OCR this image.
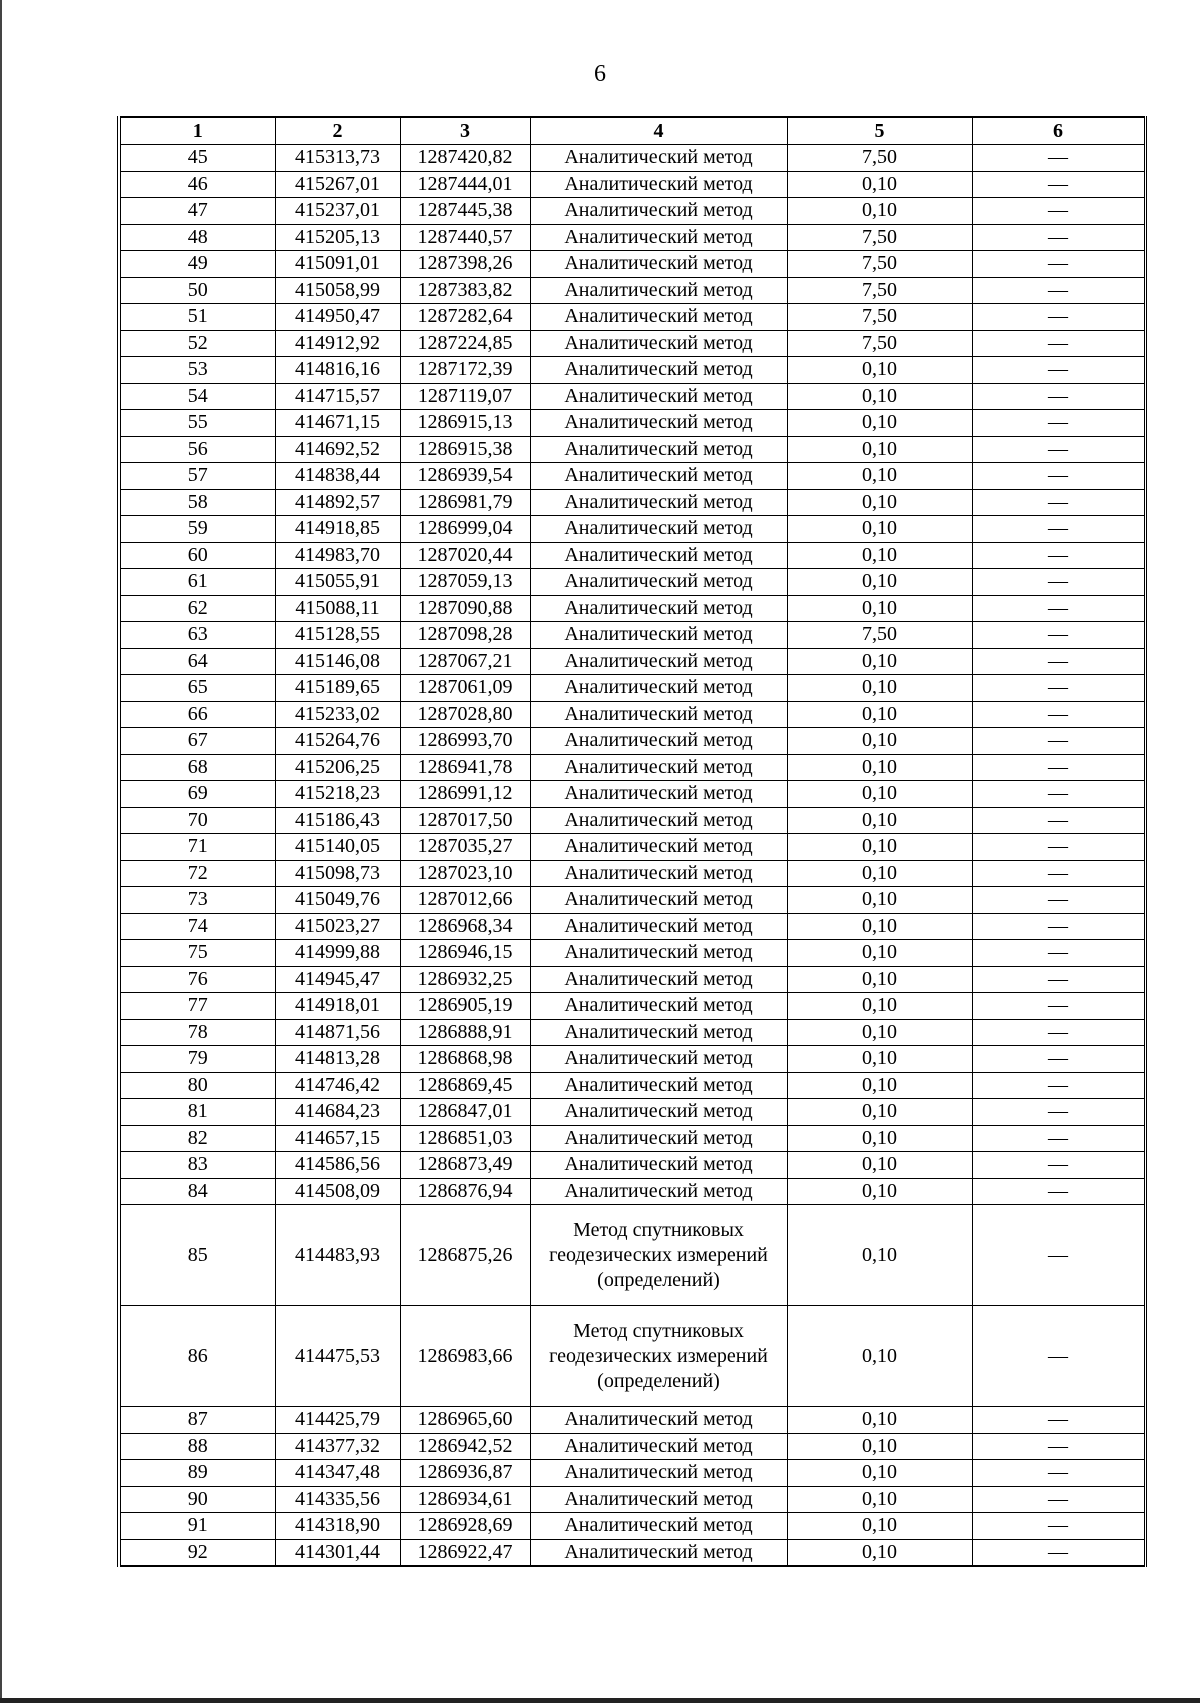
6
1	2	3	4	5	6
45	415313,73	1287420,82	Аналитический метод	7,50	—
46	415267,01	1287444,01	Аналитический метод	0,10	—
47	415237,01	1287445,38	Аналитический метод	0,10	—
48	415205,13	1287440,57	Аналитический метод	7,50	—
49	415091,01	1287398,26	Аналитический метод	7,50	—
50	415058,99	1287383,82	Аналитический метод	7,50	—
51	414950,47	1287282,64	Аналитический метод	7,50	—
52	414912,92	1287224,85	Аналитический метод	7,50	—
53	414816,16	1287172,39	Аналитический метод	0,10	—
54	414715,57	1287119,07	Аналитический метод	0,10	—
55	414671,15	1286915,13	Аналитический метод	0,10	—
56	414692,52	1286915,38	Аналитический метод	0,10	—
57	414838,44	1286939,54	Аналитический метод	0,10	—
58	414892,57	1286981,79	Аналитический метод	0,10	—
59	414918,85	1286999,04	Аналитический метод	0,10	—
60	414983,70	1287020,44	Аналитический метод	0,10	—
61	415055,91	1287059,13	Аналитический метод	0,10	—
62	415088,11	1287090,88	Аналитический метод	0,10	—
63	415128,55	1287098,28	Аналитический метод	7,50	—
64	415146,08	1287067,21	Аналитический метод	0,10	—
65	415189,65	1287061,09	Аналитический метод	0,10	—
66	415233,02	1287028,80	Аналитический метод	0,10	—
67	415264,76	1286993,70	Аналитический метод	0,10	—
68	415206,25	1286941,78	Аналитический метод	0,10	—
69	415218,23	1286991,12	Аналитический метод	0,10	—
70	415186,43	1287017,50	Аналитический метод	0,10	—
71	415140,05	1287035,27	Аналитический метод	0,10	—
72	415098,73	1287023,10	Аналитический метод	0,10	—
73	415049,76	1287012,66	Аналитический метод	0,10	—
74	415023,27	1286968,34	Аналитический метод	0,10	—
75	414999,88	1286946,15	Аналитический метод	0,10	—
76	414945,47	1286932,25	Аналитический метод	0,10	—
77	414918,01	1286905,19	Аналитический метод	0,10	—
78	414871,56	1286888,91	Аналитический метод	0,10	—
79	414813,28	1286868,98	Аналитический метод	0,10	—
80	414746,42	1286869,45	Аналитический метод	0,10	—
81	414684,23	1286847,01	Аналитический метод	0,10	—
82	414657,15	1286851,03	Аналитический метод	0,10	—
83	414586,56	1286873,49	Аналитический метод	0,10	—
84	414508,09	1286876,94	Аналитический метод	0,10	—
85	414483,93	1286875,26	Метод спутниковых геодезических измерений (определений)	0,10	—
86	414475,53	1286983,66	Метод спутниковых геодезических измерений (определений)	0,10	—
87	414425,79	1286965,60	Аналитический метод	0,10	—
88	414377,32	1286942,52	Аналитический метод	0,10	—
89	414347,48	1286936,87	Аналитический метод	0,10	—
90	414335,56	1286934,61	Аналитический метод	0,10	—
91	414318,90	1286928,69	Аналитический метод	0,10	—
92	414301,44	1286922,47	Аналитический метод	0,10	—
